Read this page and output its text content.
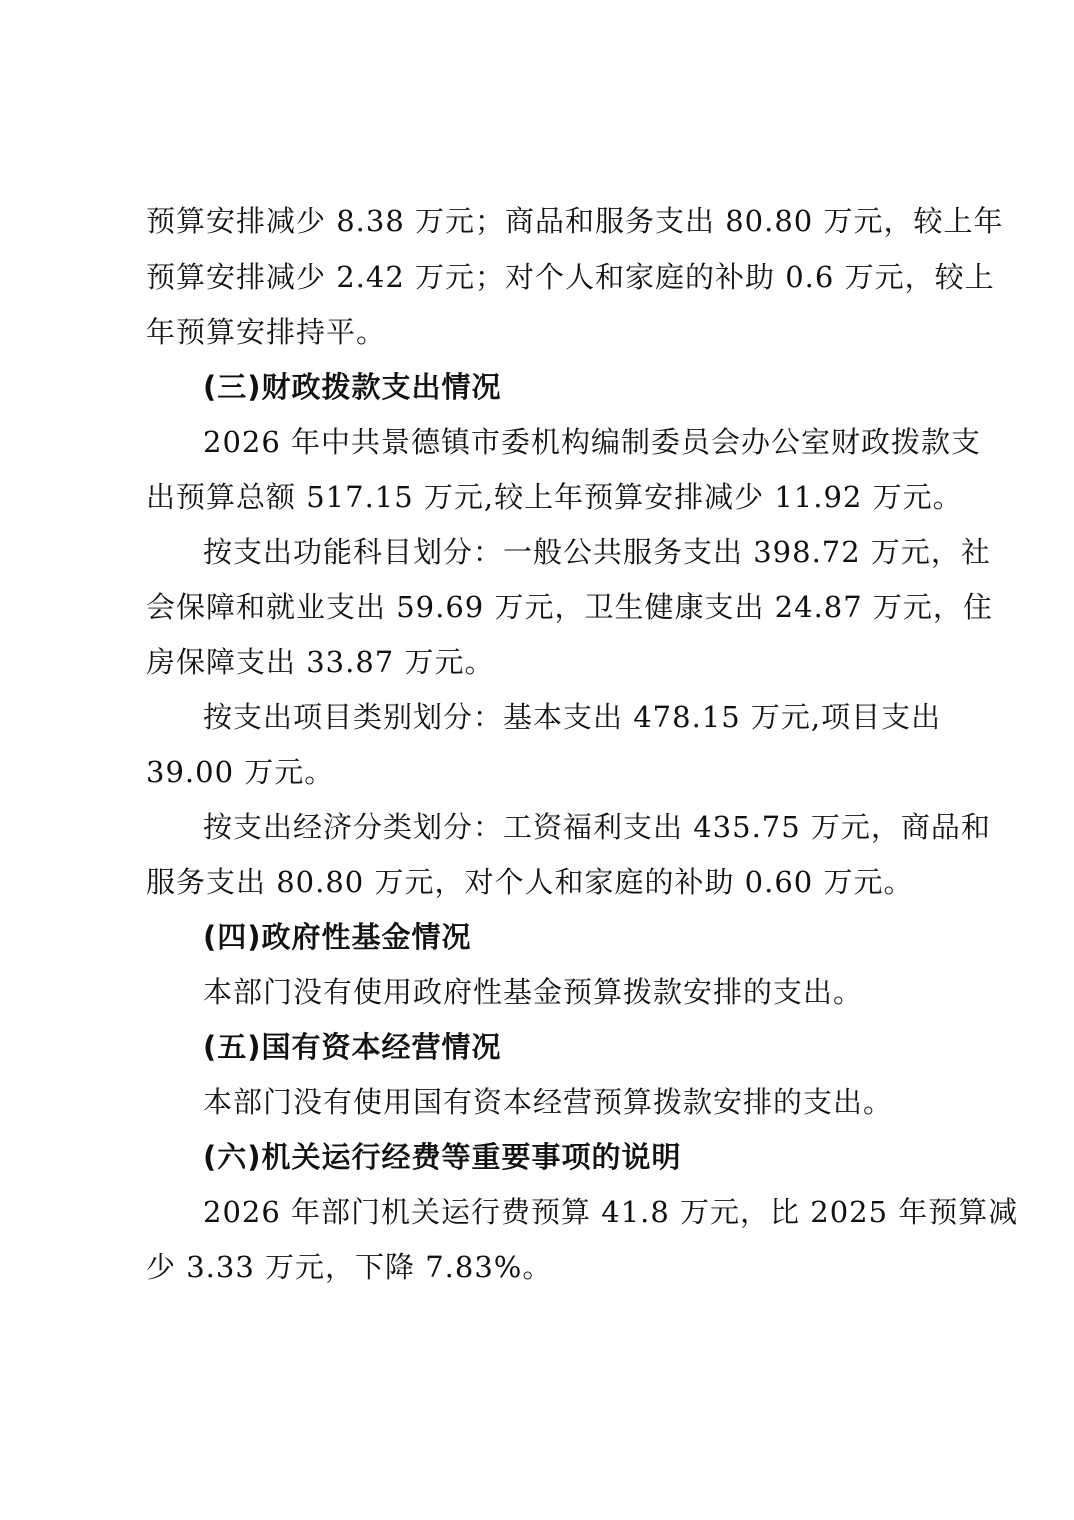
预算安排减少 8.38 万元；商品和服务支出 80.80 万元，较上年
预算安排减少 2.42 万元；对个人和家庭的补助 0.6 万元，较上
年预算安排持平。
(三)财政拨款支出情况
2026 年中共景德镇市委机构编制委员会办公室财政拨款支
出预算总额 517.15 万元,较上年预算安排减少 11.92 万元。
按支出功能科目划分：一般公共服务支出 398.72 万元，社
会保障和就业支出 59.69 万元，卫生健康支出 24.87 万元，住
房保障支出 33.87 万元。
按支出项目类别划分：基本支出 478.15 万元,项目支出
39.00 万元。
按支出经济分类划分：工资福利支出 435.75 万元，商品和
服务支出 80.80 万元，对个人和家庭的补助 0.60 万元。
(四)政府性基金情况
本部门没有使用政府性基金预算拨款安排的支出。
(五)国有资本经营情况
本部门没有使用国有资本经营预算拨款安排的支出。
(六)机关运行经费等重要事项的说明
2026 年部门机关运行费预算 41.8 万元，比 2025 年预算减
少 3.33 万元，下降 7.83%。
